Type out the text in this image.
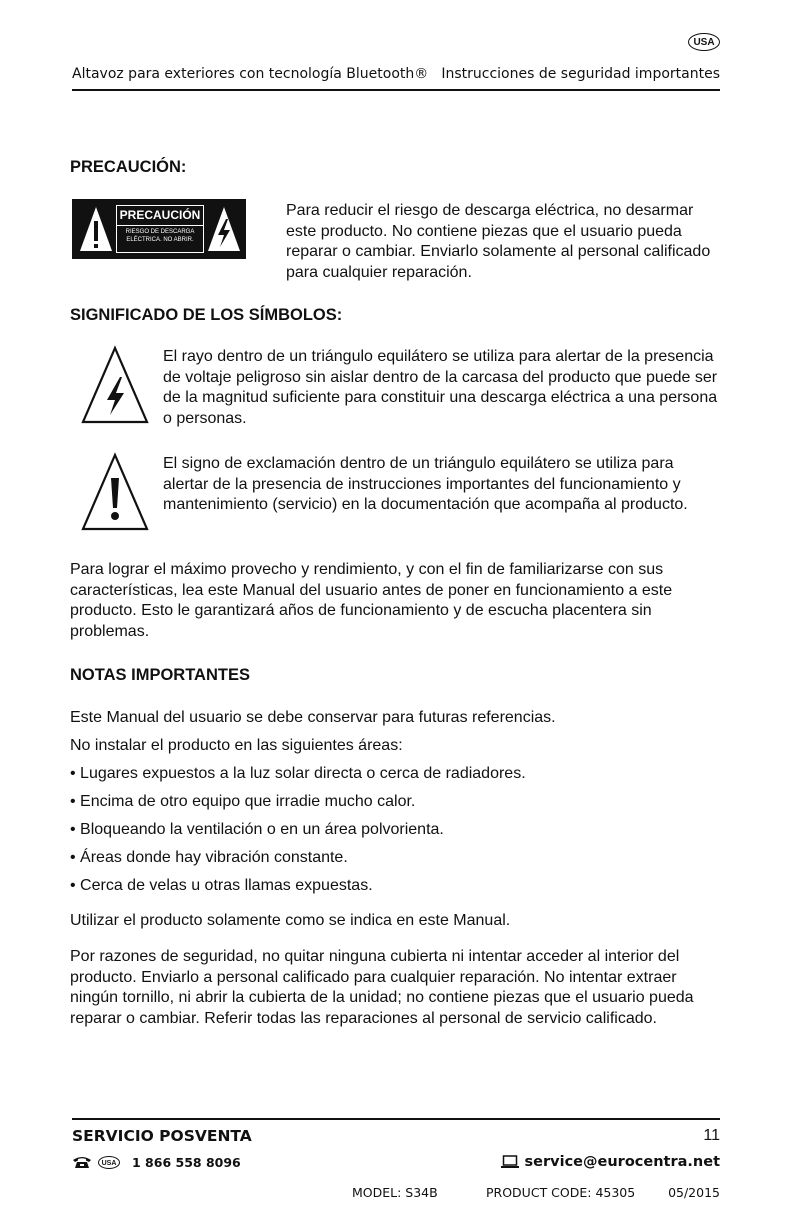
USA
Altavoz para exteriores con tecnología Bluetooth® Instrucciones de seguridad importantes
PRECAUCIÓN:
PRECAUCIÓN
RIESGO DE DESCARGA
ELÉCTRICA. NO ABRIR.
Para reducir el riesgo de descarga eléctrica, no desarmar este producto. No contiene piezas que el usuario pueda reparar o cambiar. Enviarlo solamente al personal calificado para cualquier reparación.
SIGNIFICADO DE LOS SÍMBOLOS:
El rayo dentro de un triángulo equilátero se utiliza para alertar de la presencia de voltaje peligroso sin aislar dentro de la carcasa del producto que puede ser de la magnitud suficiente para constituir una descarga eléctrica a una persona o personas.
El signo de exclamación dentro de un triángulo equilátero se utiliza para alertar de la presencia de instrucciones importantes del funcionamiento y mantenimiento (servicio) en la documentación que acompaña al producto.
Para lograr el máximo provecho y rendimiento, y con el fin de familiarizarse con sus características, lea este Manual del usuario antes de poner en funcionamiento a este producto. Esto le garantizará años de funcionamiento y de escucha placentera sin problemas.
NOTAS IMPORTANTES
Este Manual del usuario se debe conservar para futuras referencias.
No instalar el producto en las siguientes áreas:
• Lugares expuestos a la luz solar directa o cerca de radiadores.
• Encima de otro equipo que irradie mucho calor.
• Bloqueando la ventilación o en un área polvorienta.
• Áreas donde hay vibración constante.
• Cerca de velas u otras llamas expuestas.
Utilizar el producto solamente como se indica en este Manual.
Por razones de seguridad, no quitar ninguna cubierta ni intentar acceder al interior del producto. Enviarlo a personal calificado para cualquier reparación. No intentar extraer ningún tornillo, ni abrir la cubierta de la unidad; no contiene piezas que el usuario pueda reparar o cambiar. Referir todas las reparaciones al personal de servicio calificado.
SERVICIO POSVENTA	11
USA 1 866 558 8096	service@eurocentra.net
MODEL: S34B	PRODUCT CODE: 45305	05/2015
